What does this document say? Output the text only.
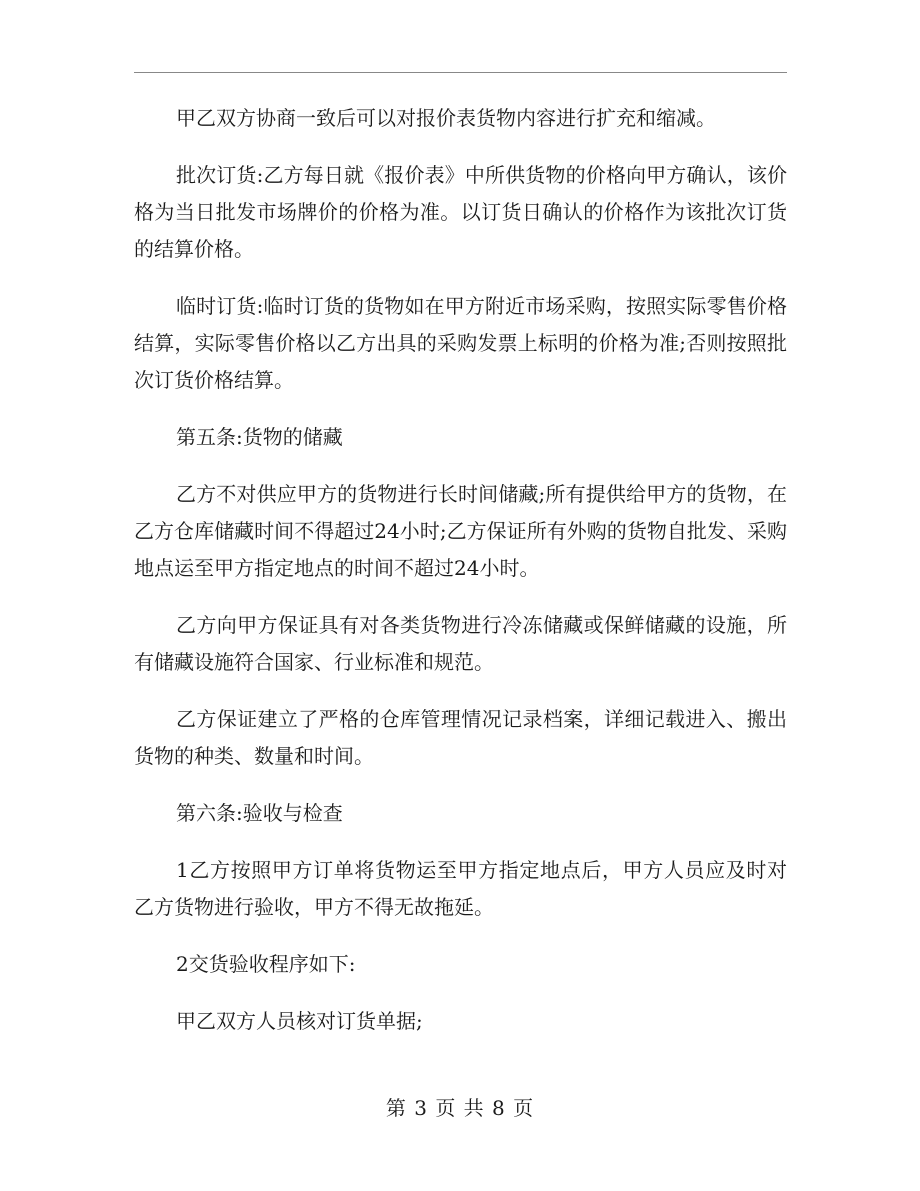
甲乙双方协商一致后可以对报价表货物内容进行扩充和缩减。

批次订货:乙方每日就《报价表》中所供货物的价格向甲方确认，该价格为当日批发市场牌价的价格为准。以订货日确认的价格作为该批次订货的结算价格。

临时订货:临时订货的货物如在甲方附近市场采购，按照实际零售价格结算，实际零售价格以乙方出具的采购发票上标明的价格为准;否则按照批次订货价格结算。

第五条:货物的储藏

乙方不对供应甲方的货物进行长时间储藏;所有提供给甲方的货物，在乙方仓库储藏时间不得超过24小时;乙方保证所有外购的货物自批发、采购地点运至甲方指定地点的时间不超过24小时。

乙方向甲方保证具有对各类货物进行冷冻储藏或保鲜储藏的设施，所有储藏设施符合国家、行业标准和规范。

乙方保证建立了严格的仓库管理情况记录档案，详细记载进入、搬出货物的种类、数量和时间。

第六条:验收与检查

1乙方按照甲方订单将货物运至甲方指定地点后，甲方人员应及时对乙方货物进行验收，甲方不得无故拖延。

2交货验收程序如下:

甲乙双方人员核对订货单据;

第 3 页 共 8 页
